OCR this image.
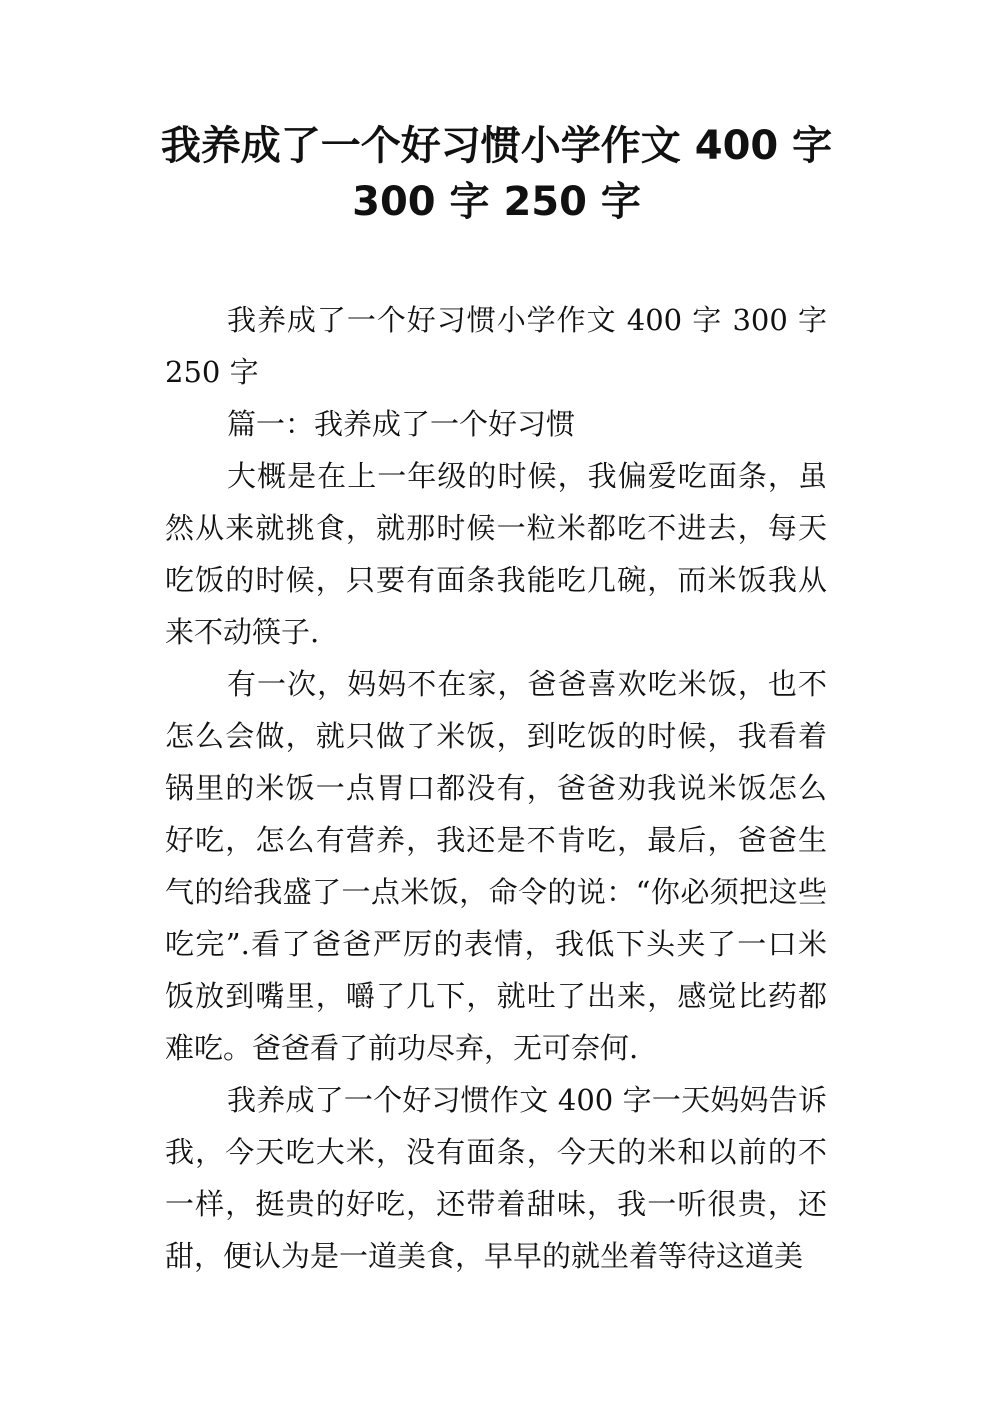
我养成了一个好习惯小学作文 400 字
300 字 250 字

我养成了一个好习惯小学作文 400 字 300 字 250 字

篇一：我养成了一个好习惯

大概是在上一年级的时候，我偏爱吃面条，虽然从来就挑食，就那时候一粒米都吃不进去，每天吃饭的时候，只要有面条我能吃几碗，而米饭我从来不动筷子.

有一次，妈妈不在家，爸爸喜欢吃米饭，也不怎么会做，就只做了米饭，到吃饭的时候，我看着锅里的米饭一点胃口都没有，爸爸劝我说米饭怎么好吃，怎么有营养，我还是不肯吃，最后，爸爸生气的给我盛了一点米饭，命令的说：“你必须把这些吃完”.看了爸爸严厉的表情，我低下头夹了一口米饭放到嘴里，嚼了几下，就吐了出来，感觉比药都难吃。爸爸看了前功尽弃，无可奈何.

我养成了一个好习惯作文 400 字一天妈妈告诉我，今天吃大米，没有面条，今天的米和以前的不一样，挺贵的好吃，还带着甜味，我一听很贵，还甜，便认为是一道美食，早早的就坐着等待这道美
